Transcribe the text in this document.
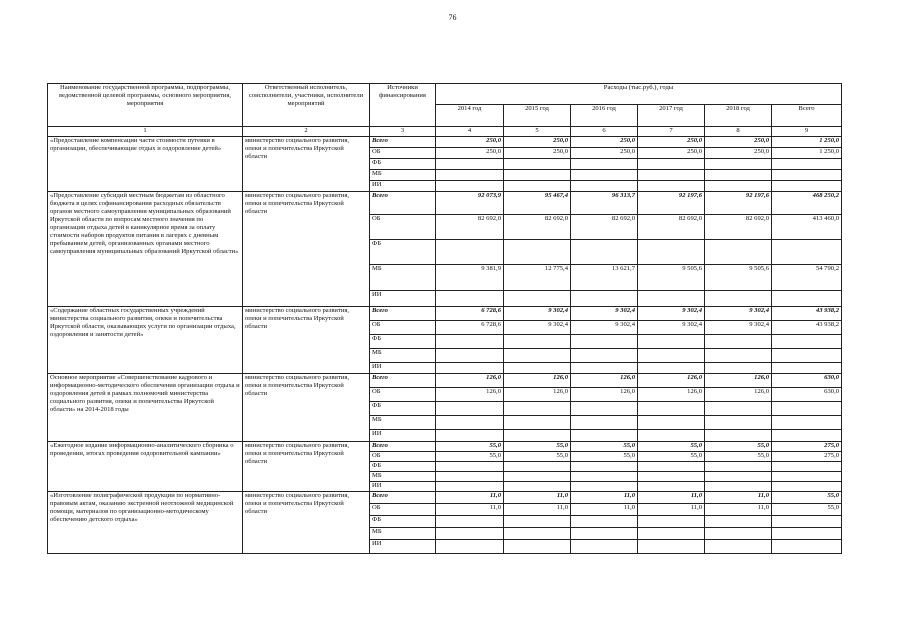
76
Наименование государственной программы, подпрограммы, ведомственной целевой программы, основного мероприятия, мероприятия	Ответственный исполнитель, соисполнители, участники, исполнители мероприятий	Источники финансирования	Расходы (тыс.руб.), годы					
			2014 год	2015 год	2016 год	2017 год	2018 год	Всего
1	2	3	4	5	6	7	8	9
«Предоставление компенсации части стоимости путевки в организации, обеспечивающие отдых и оздоровление детей»	министерство социального развития, опеки и попечительства Иркутской области	Всего	250,0	250,0	250,0	250,0	250,0	1 250,0
		ОБ	250,0	250,0	250,0	250,0	250,0	1 250,0
		ФБ						
		МБ						
		ИИ						
«Предоставление субсидий местным бюджетам из областного бюджета в целях софинансирования расходных обязательств органов местного самоуправления муниципальных образований Иркутской области по вопросам местного значения по организации отдыха детей в каникулярное время за оплату стоимости наборов продуктов питания в лагерях с дневным пребыванием детей, организованных органами местного самоуправления муниципальных образований Иркутской области»	министерство социального развития, опеки и попечительства Иркутской области	Всего	92 073,9	95 467,4	96 313,7	92 197,6	92 197,6	468 250,2
		ОБ	82 692,0	82 692,0	82 692,0	82 692,0	82 692,0	413 460,0
		ФБ						
		МБ	9 381,9	12 775,4	13 621,7	9 505,6	9 505,6	54 790,2
		ИИ						
«Содержание областных государственных учреждений министерства социального развития, опеки и попечительства Иркутской области, оказывающих услуги по организации отдыха, оздоровления и занятости детей»	министерство социального развития, опеки и попечительства Иркутской области	Всего	6 728,6	9 302,4	9 302,4	9 302,4	9 302,4	43 938,2
		ОБ	6 728,6	9 302,4	9 302,4	9 302,4	9 302,4	43 938,2
		ФБ						
		МБ						
		ИИ						
Основное мероприятие «Совершенствование кадрового и информационно-методического обеспечения организации отдыха и оздоровления детей в рамках полномочий министерства социального развития, опеки и попечительства Иркутской области» на 2014-2018 годы	министерство социального развития, опеки и попечительства Иркутской области	Всего	126,0	126,0	126,0	126,0	126,0	630,0
		ОБ	126,0	126,0	126,0	126,0	126,0	630,0
		ФБ						
		МБ						
		ИИ						
«Ежегодное издание информационно-аналитического сборника о проведении, итогах проведения оздоровительной кампании»	министерство социального развития, опеки и попечительства Иркутской области	Всего	55,0	55,0	55,0	55,0	55,0	275,0
		ОБ	55,0	55,0	55,0	55,0	55,0	275,0
		ФБ						
		МБ						
		ИИ						
«Изготовление полиграфической продукции по нормативно-правовым актам, оказанию экстренной неотложной медицинской помощи, материалов по организационно-методическому обеспечению детского отдыха»	министерство социального развития, опеки и попечительства Иркутской области	Всего	11,0	11,0	11,0	11,0	11,0	55,0
		ОБ	11,0	11,0	11,0	11,0	11,0	55,0
		ФБ						
		МБ						
		ИИ						
